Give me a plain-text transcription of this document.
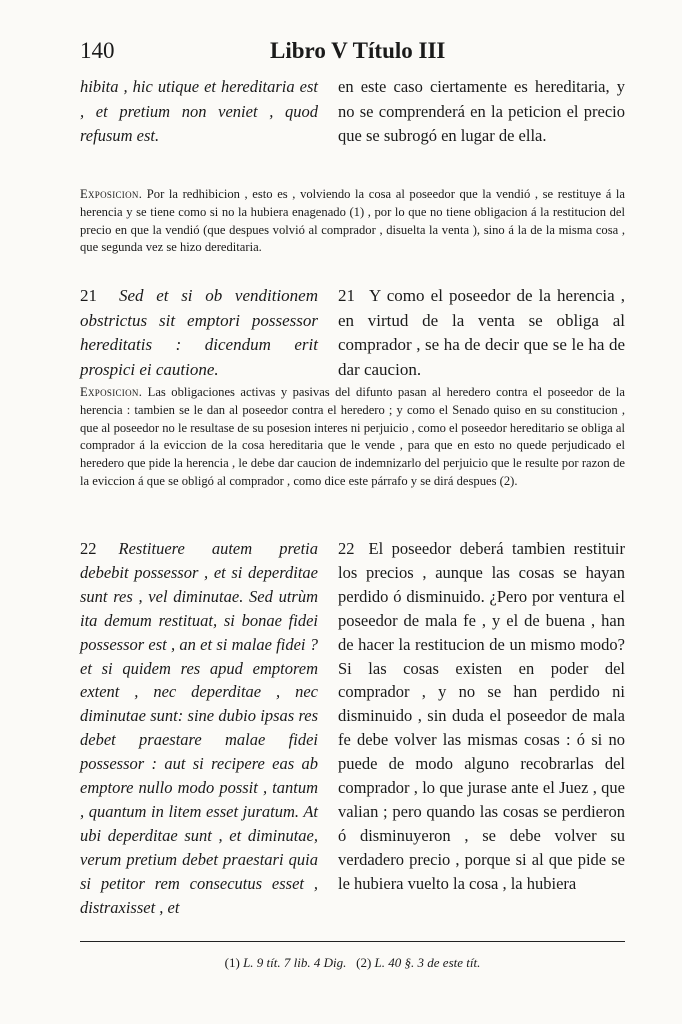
140	Libro V Título III
hibita , hic utique et hereditaria est , et pretium non veniet , quod refusum est.
en este caso ciertamente es hereditaria, y no se comprenderá en la peticion el precio que se subrogó en lugar de ella.
Exposicion. Por la redhibicion , esto es , volviendo la cosa al poseedor que la vendió , se restituye á la herencia y se tiene como si no la hubiera enagenado (1) , por lo que no tiene obligacion á la restitucion del precio en que la vendió (que despues volvió al comprador , disuelta la venta ), sino á la de la misma cosa , que segunda vez se hizo dereditaria.
21 Sed et si ob venditionem obstrictus sit emptori possessor hereditatis : dicendum erit prospici ei cautione.
21 Y como el poseedor de la herencia , en virtud de la venta se obliga al comprador , se ha de decir que se le ha de dar caucion.
Exposicion. Las obligaciones activas y pasivas del difunto pasan al heredero contra el poseedor de la herencia : tambien se le dan al poseedor contra el heredero ; y como el Senado quiso en su constitucion , que al poseedor no le resultase de su posesion interes ni perjuicio , como el poseedor hereditario se obliga al comprador á la eviccion de la cosa hereditaria que le vende , para que en esto no quede perjudicado el heredero que pide la herencia , le debe dar caucion de indemnizarlo del perjuicio que le resulte por razon de la eviccion á que se obligó al comprador , como dice este párrafo y se dirá despues (2).
22 Restituere autem pretia debebit possessor , et si deperditae sunt res , vel diminutae. Sed utrùm ita demum restituat, si bonae fidei possessor est , an et si malae fidei ? et si quidem res apud emptorem extent , nec deperditae , nec diminutae sunt: sine dubio ipsas res debet praestare malae fidei possessor : aut si recipere eas ab emptore nullo modo possit , tantum , quantum in litem esset juratum. At ubi deperditae sunt , et diminutae, verum pretium debet praestari quia si petitor rem consecutus esset , distraxisset , et
22 El poseedor deberá tambien restituir los precios , aunque las cosas se hayan perdido ó disminuido. ¿Pero por ventura el poseedor de mala fe , y el de buena , han de hacer la restitucion de un mismo modo? Si las cosas existen en poder del comprador , y no se han perdido ni disminuido , sin duda el poseedor de mala fe debe volver las mismas cosas : ó si no puede de modo alguno recobrarlas del comprador , lo que jurase ante el Juez , que valian ; pero quando las cosas se perdieron ó disminuyeron , se debe volver su verdadero precio , porque si al que pide se le hubiera vuelto la cosa , la hubiera
(1) L. 9 tít. 7 lib. 4 Dig. (2) L. 40 §. 3 de este tít.
